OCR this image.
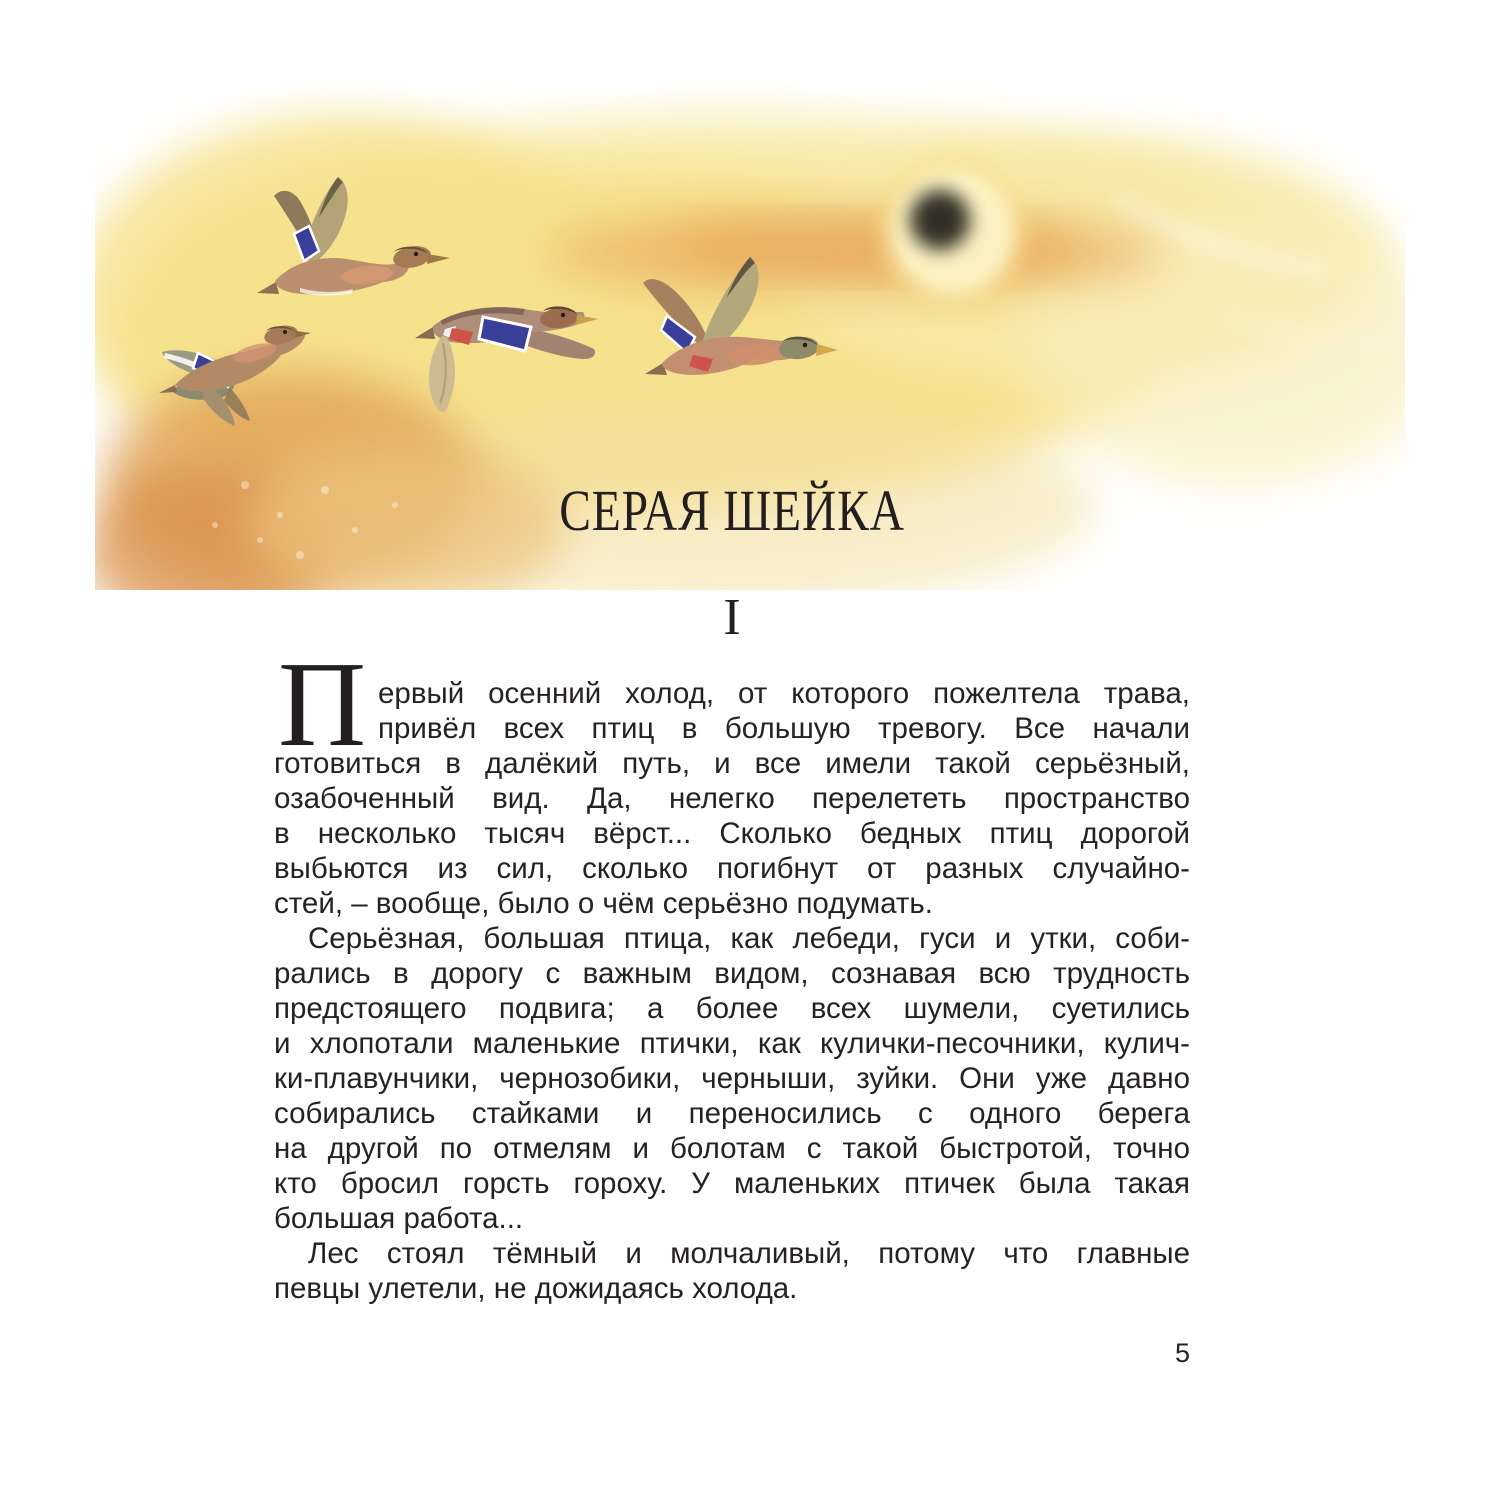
СЕРАЯ ШЕЙКА
I
П ервый осенний холод, от которого пожелтела трава,
привёл всех птиц в большую тревогу. Все начали
готовиться в далёкий путь, и все имели такой серьёзный,
озабоченный вид. Да, нелегко перелететь пространство
в несколько тысяч вёрст... Сколько бедных птиц дорогой
выбьются из сил, сколько погибнут от разных случайно-
стей, – вообще, было о чём серьёзно подумать.
Серьёзная, большая птица, как лебеди, гуси и утки, соби-
рались в дорогу с важным видом, сознавая всю трудность
предстоящего подвига; а более всех шумели, суетились
и хлопотали маленькие птички, как кулички-песочники, кулич-
ки-плавунчики, чернозобики, черныши, зуйки. Они уже давно
собирались стайками и переносились с одного берега
на другой по отмелям и болотам с такой быстротой, точно
кто бросил горсть гороху. У маленьких птичек была такая
большая работа...
Лес стоял тёмный и молчаливый, потому что главные
певцы улетели, не дожидаясь холода.
5
